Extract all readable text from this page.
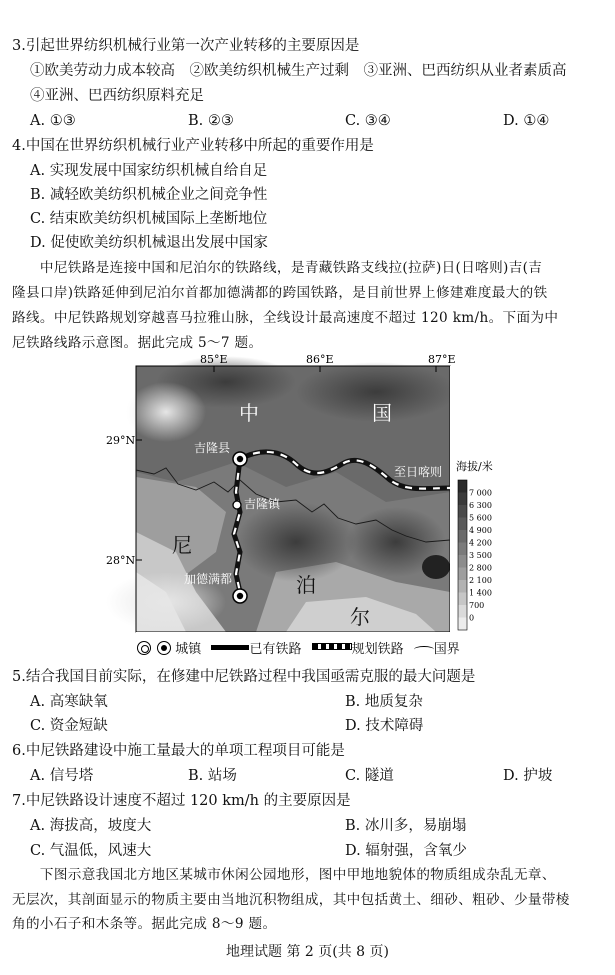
3.引起世界纺织机械行业第一次产业转移的主要原因是
①欧美劳动力成本较高　②欧美纺织机械生产过剩　③亚洲、巴西纺织从业者素质高
④亚洲、巴西纺织原料充足
A. ①③	B. ②③	C. ③④	D. ①④
4.中国在世界纺织机械行业产业转移中所起的重要作用是
A. 实现发展中国家纺织机械自给自足
B. 减轻欧美纺织机械企业之间竞争性
C. 结束欧美纺织机械国际上垄断地位
D. 促使欧美纺织机械退出发展中国家
　　中尼铁路是连接中国和尼泊尔的铁路线，是青藏铁路支线拉(拉萨)日(日喀则)吉(吉
隆县口岸)铁路延伸到尼泊尔首都加德满都的跨国铁路，是目前世界上修建难度最大的铁
路线。中尼铁路规划穿越喜马拉雅山脉，全线设计最高速度不超过 120 km/h。下面为中
尼铁路线路示意图。据此完成 5～7 题。
85°E	86°E	87°E
29°N
28°N
吉隆县
吉隆镇
加德满都
至日喀则
中	国
尼
泊
尔
海拔/米
7 000
6 300
5 600
4 900
4 200
3 500
2 800
2 100
1 400
700
0

城镇	已有铁路	规划铁路 国界
5.结合我国目前实际，在修建中尼铁路过程中我国亟需克服的最大问题是
A. 高寒缺氧	B. 地质复杂
C. 资金短缺	D. 技术障碍
6.中尼铁路建设中施工量最大的单项工程项目可能是
A. 信号塔	B. 站场	C. 隧道	D. 护坡
7.中尼铁路设计速度不超过 120 km/h 的主要原因是
A. 海拔高，坡度大	B. 冰川多，易崩塌
C. 气温低，风速大	D. 辐射强，含氧少
　　下图示意我国北方地区某城市休闲公园地形，图中甲地地貌体的物质组成杂乱无章、
无层次，其剖面显示的物质主要由当地沉积物组成，其中包括黄土、细砂、粗砂、少量带棱
角的小石子和木条等。据此完成 8～9 题。
地理试题 第 2 页(共 8 页)
